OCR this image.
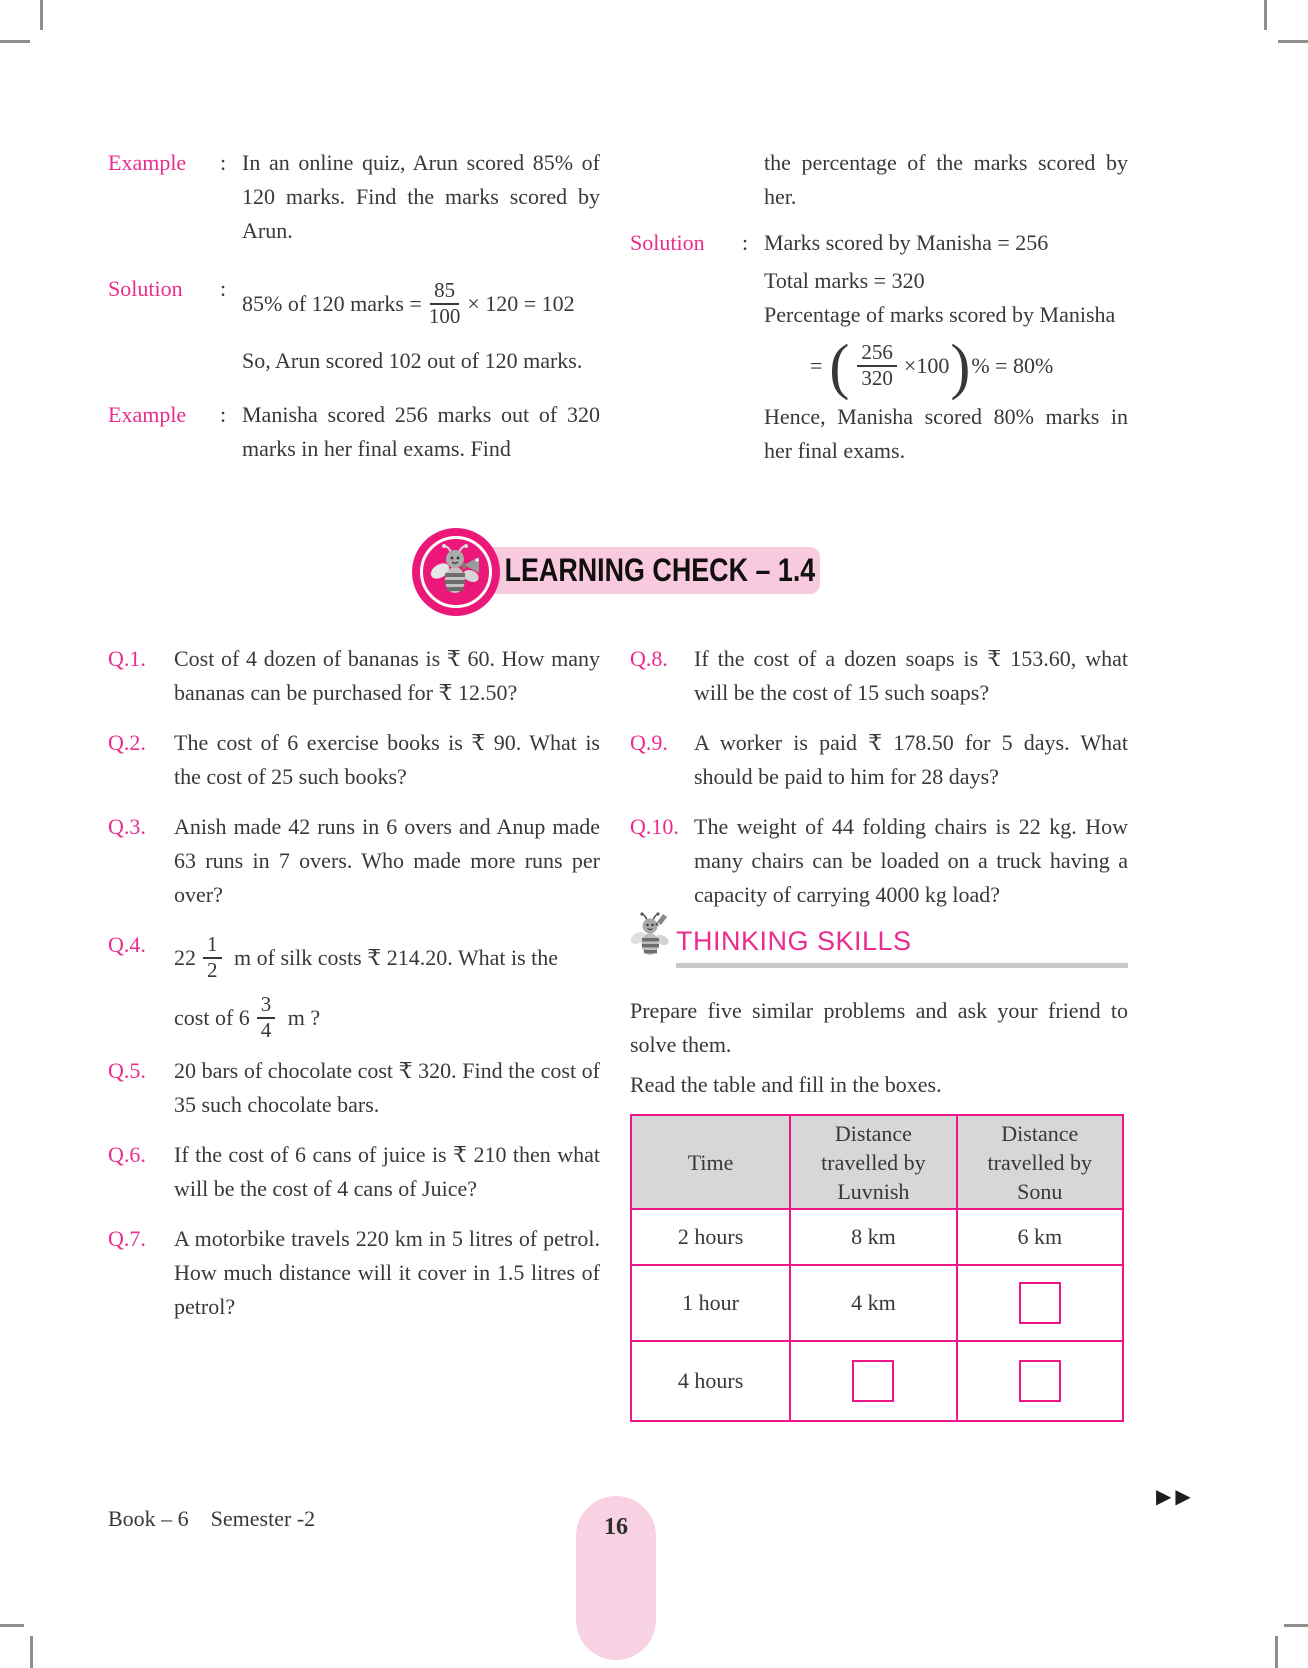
Example	: In an online quiz, Arun scored 85% of 120 marks. Find the marks scored by Arun.
Solution	:
85% of 120 marks = $\frac{85}{100} \times 120 = 102$
So, Arun scored 102 out of 120 marks.
Example	: Manisha scored 256 marks out of 320 marks in her final exams. Find
the percentage of the marks scored by her.
Solution	: Marks scored by Manisha = 256
Total marks = 320
Percentage of marks scored by Manisha
= ( $\frac{256}{320} \times 100$ ) % = 80%
Hence, Manisha scored 80% marks in her final exams.
LEARNING CHECK – 1.4
Q.1.	Cost of 4 dozen of bananas is ₹ 60. How many bananas can be purchased for ₹ 12.50?
Q.2.	The cost of 6 exercise books is ₹ 90. What is the cost of 25 such books?
Q.3.	Anish made 42 runs in 6 overs and Anup made 63 runs in 7 overs. Who made more runs per over?
Q.4.
$22 \frac{1}{2}$ m of silk costs ₹ 214.20. What is the
cost of $6 \frac{3}{4}$ m ?
Q.5.	20 bars of chocolate cost ₹ 320. Find the cost of 35 such chocolate bars.
Q.6.	If the cost of 6 cans of juice is ₹ 210 then what will be the cost of 4 cans of Juice?
Q.7.	A motorbike travels 220 km in 5 litres of petrol. How much distance will it cover in 1.5 litres of petrol?
Q.8.	If the cost of a dozen soaps is ₹ 153.60, what will be the cost of 15 such soaps?
Q.9.	A worker is paid ₹ 178.50 for 5 days. What should be paid to him for 28 days?
Q.10. The weight of 44 folding chairs is 22 kg. How many chairs can be loaded on a truck having a capacity of carrying 4000 kg load?
THINKING SKILLS
Prepare five similar problems and ask your friend to solve them.
Read the table and fill in the boxes.
Time	Distance travelled by Luvnish	Distance travelled by Sonu
2 hours	8 km	6 km
1 hour	4 km	

4 hours	

Book – 6    Semester -2	16
▶▶
